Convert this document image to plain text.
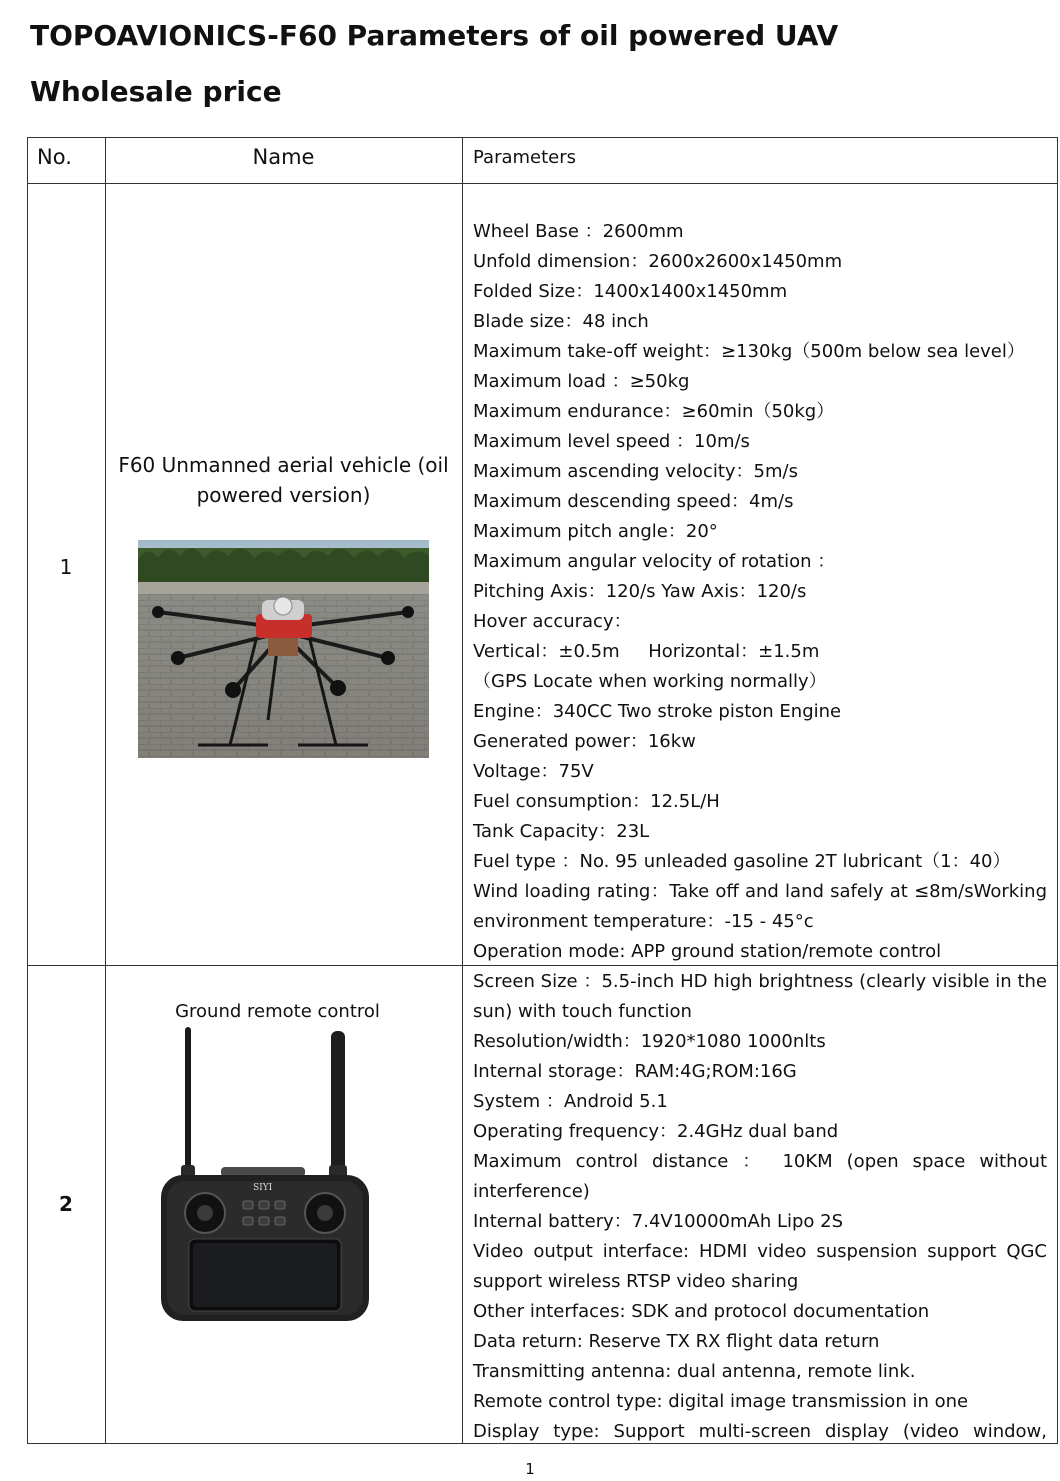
TOPOAVIONICS-F60 Parameters of oil powered UAV
Wholesale price
No.	Name	Parameters
1
F60 Unmanned aerial vehicle (oil powered version)
Wheel Base ：2600mm
Unfold dimension：2600x2600x1450mm
Folded Size：1400x1400x1450mm
Blade size：48 inch
Maximum take-off weight：≥130kg（500m below sea level）
Maximum load ：≥50kg
Maximum endurance：≥60min（50kg）
Maximum level speed ：10m/s
Maximum ascending velocity：5m/s
Maximum descending speed：4m/s
Maximum pitch angle：20°
Maximum angular velocity of rotation ：
Pitching Axis：120/s Yaw Axis：120/s
Hover accuracy：
Vertical：±0.5m     Horizontal：±1.5m
（GPS Locate when working normally）
Engine：340CC Two stroke piston Engine
Generated power：16kw
Voltage：75V
Fuel consumption：12.5L/H
Tank Capacity：23L
Fuel type ：No. 95 unleaded gasoline 2T lubricant（1：40）
Wind loading rating：Take off and land safely at ≤8m/sWorking environment temperature：-15 - 45°c
Operation mode: APP ground station/remote control
2
Ground remote control
SIYI
Screen Size ：5.5-inch HD high brightness (clearly visible in the sun) with touch function
Resolution/width：1920*1080 1000nlts
Internal storage：RAM:4G;ROM:16G
System ：Android 5.1
Operating frequency：2.4GHz dual band
Maximum control distance ： 10KM (open space without interference)
Internal battery：7.4V10000mAh Lipo 2S
Video output interface: HDMI video suspension support QGC support wireless RTSP video sharing
Other interfaces: SDK and protocol documentation
Data return: Reserve TX RX flight data return
Transmitting antenna: dual antenna, remote link.
Remote control type: digital image transmission in one
Display type: Support multi-screen display (video window,
1
